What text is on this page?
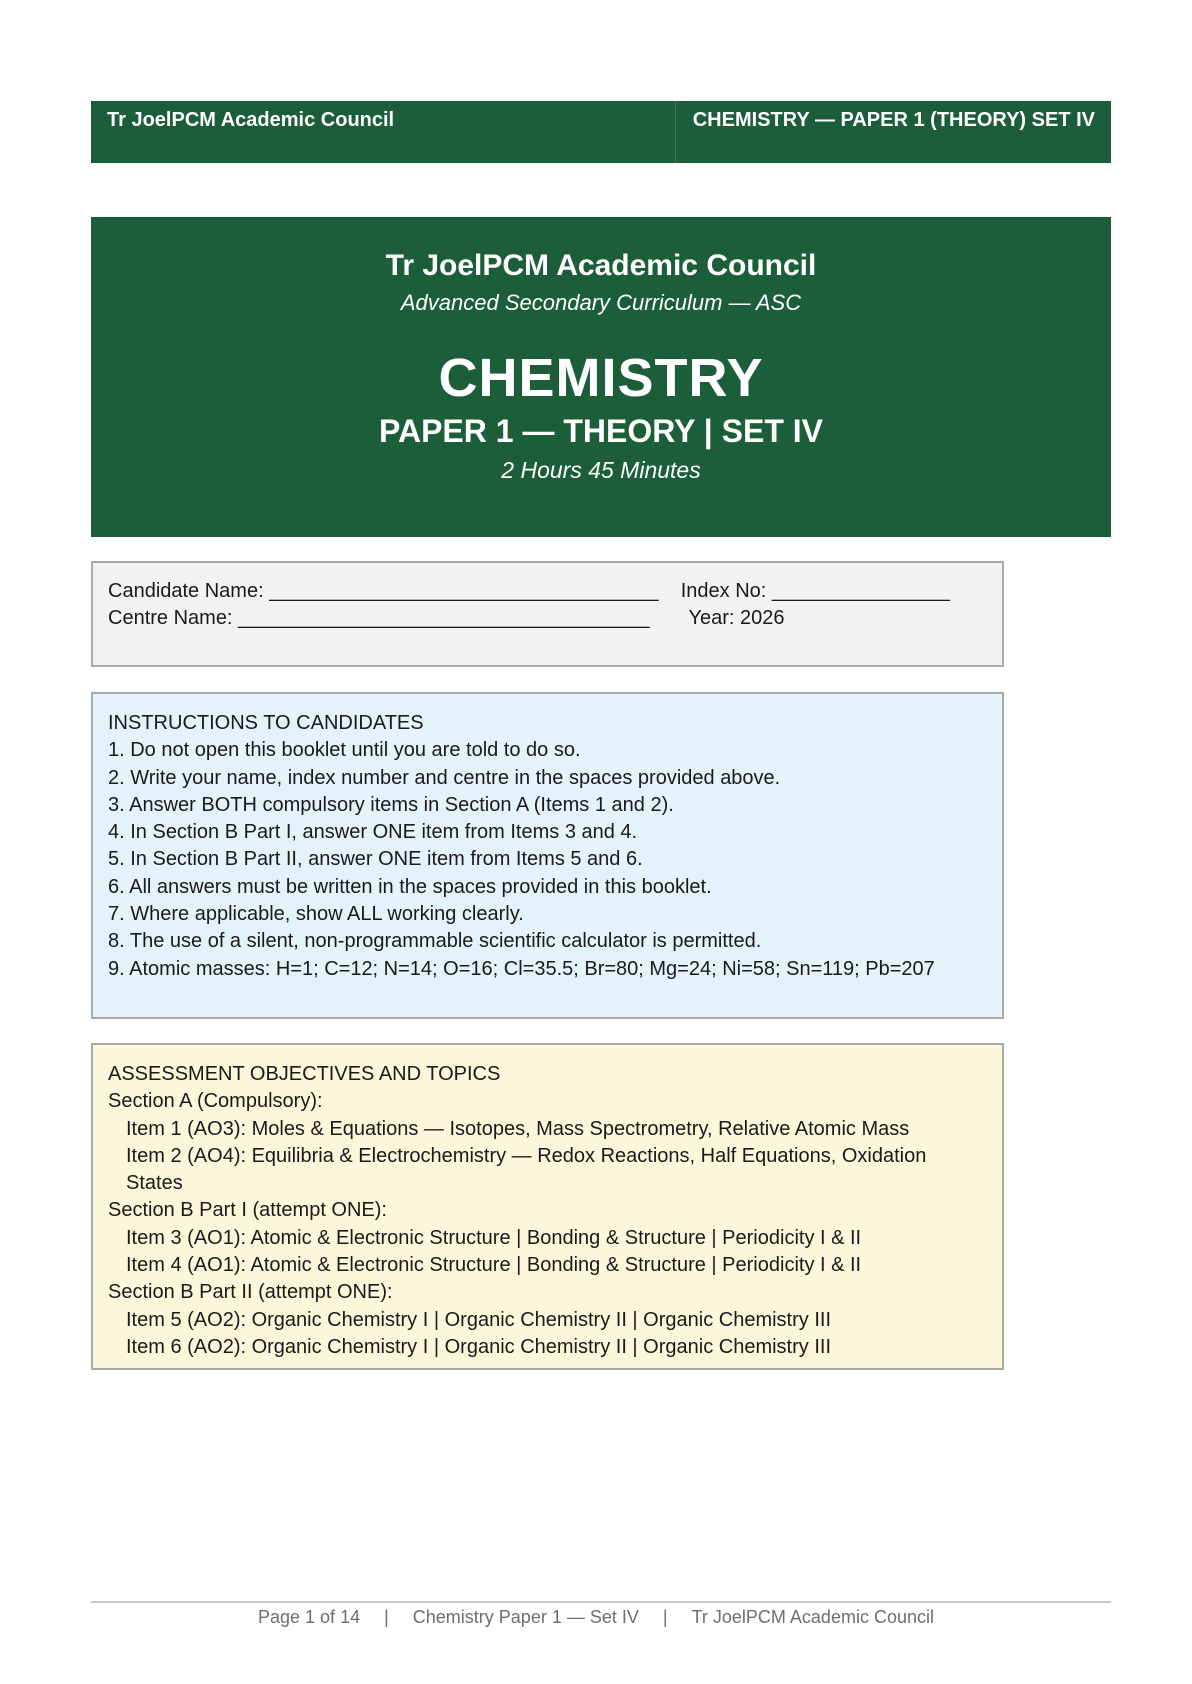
Tr JoelPCM Academic Council	CHEMISTRY — PAPER 1 (THEORY) SET IV
Tr JoelPCM Academic Council
Advanced Secondary Curriculum — ASC
CHEMISTRY
PAPER 1 — THEORY | SET IV
2 Hours 45 Minutes
Candidate Name: ___________________________________ Index No: ________________
Centre Name: _____________________________________ Year: 2026
INSTRUCTIONS TO CANDIDATES
1. Do not open this booklet until you are told to do so.
2. Write your name, index number and centre in the spaces provided above.
3. Answer BOTH compulsory items in Section A (Items 1 and 2).
4. In Section B Part I, answer ONE item from Items 3 and 4.
5. In Section B Part II, answer ONE item from Items 5 and 6.
6. All answers must be written in the spaces provided in this booklet.
7. Where applicable, show ALL working clearly.
8. The use of a silent, non-programmable scientific calculator is permitted.
9. Atomic masses: H=1; C=12; N=14; O=16; Cl=35.5; Br=80; Mg=24; Ni=58; Sn=119; Pb=207
ASSESSMENT OBJECTIVES AND TOPICS
Section A (Compulsory):
Item 1 (AO3): Moles & Equations — Isotopes, Mass Spectrometry, Relative Atomic Mass
Item 2 (AO4): Equilibria & Electrochemistry — Redox Reactions, Half Equations, Oxidation States
Section B Part I (attempt ONE):
Item 3 (AO1): Atomic & Electronic Structure | Bonding & Structure | Periodicity I & II
Item 4 (AO1): Atomic & Electronic Structure | Bonding & Structure | Periodicity I & II
Section B Part II (attempt ONE):
Item 5 (AO2): Organic Chemistry I | Organic Chemistry II | Organic Chemistry III
Item 6 (AO2): Organic Chemistry I | Organic Chemistry II | Organic Chemistry III
Page 1 of 14 | Chemistry Paper 1 — Set IV | Tr JoelPCM Academic Council
